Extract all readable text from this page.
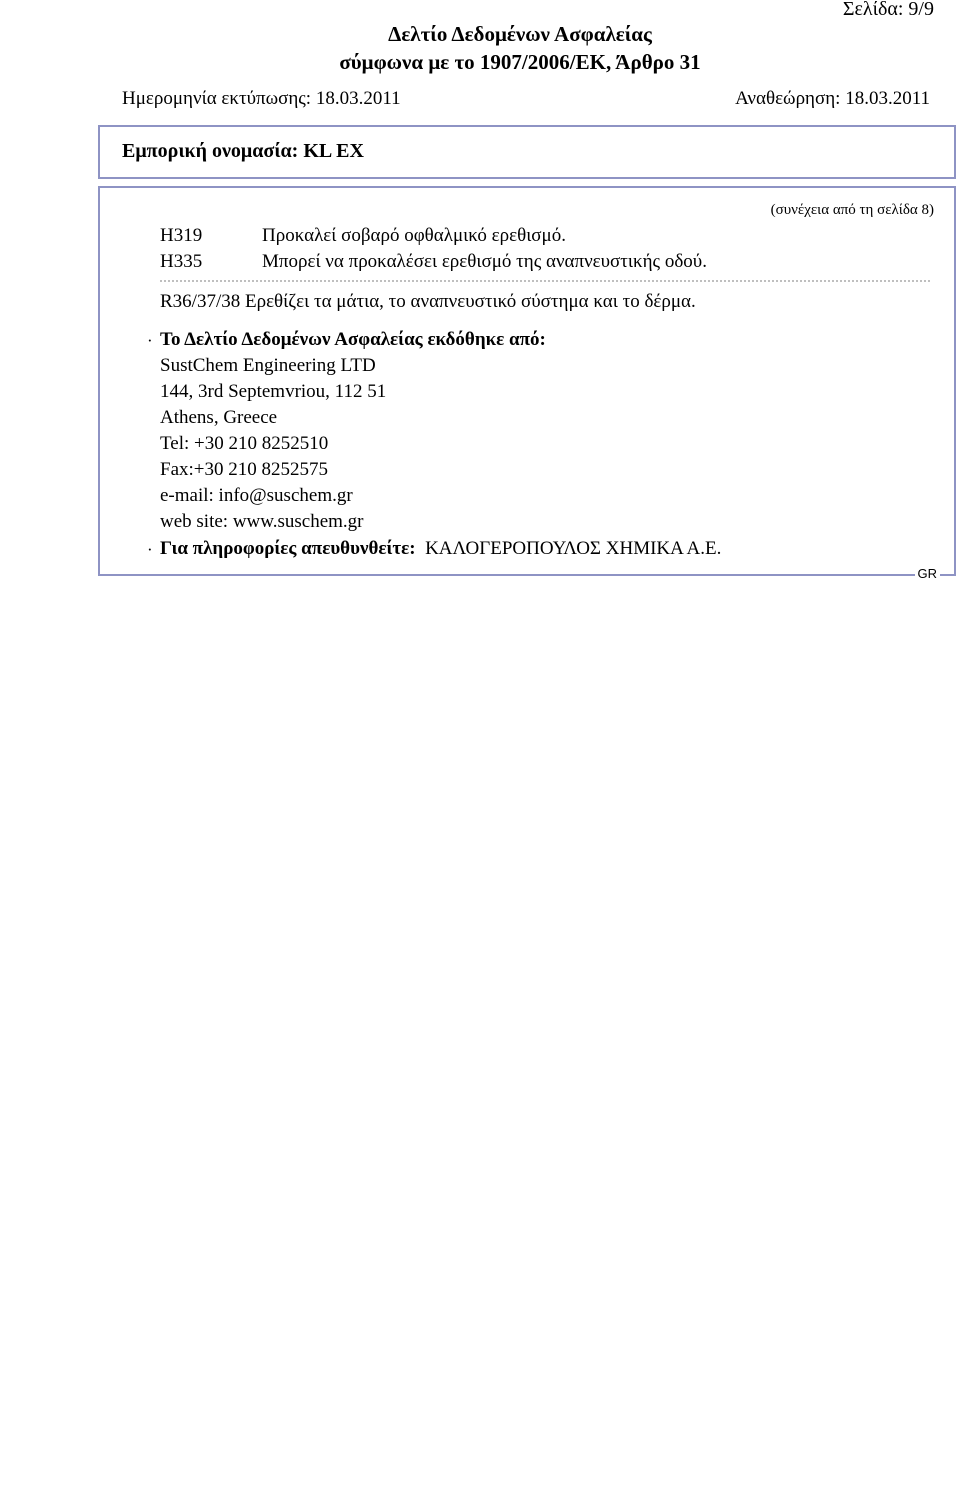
Σελίδα: 9/9
Δελτίο Δεδομένων Ασφαλείας
σύμφωνα με το 1907/2006/ΕΚ, Άρθρο 31
Ημερομηνία εκτύπωσης: 18.03.2011	Αναθεώρηση: 18.03.2011
Εμπορική ονομασία: KL EX
GR
(συνέχεια από τη σελίδα 8)
H319	Προκαλεί σοβαρό οφθαλμικό ερεθισμό.
H335	Μπορεί να προκαλέσει ερεθισμό της αναπνευστικής οδού.
R36/37/38 Ερεθίζει τα μάτια, το αναπνευστικό σύστημα και το δέρμα.
· Το Δελτίο Δεδομένων Ασφαλείας εκδόθηκε από:
SustChem Engineering LTD
144, 3rd Septemvriou, 112 51
Athens, Greece
Tel: +30 210 8252510
Fax:+30 210 8252575
e-mail: info@suschem.gr
web site: www.suschem.gr
· Για πληροφορίες απευθυνθείτε: ΚΑΛΟΓΕΡΟΠΟΥΛΟΣ ΧΗΜΙΚΑ Α.Ε.
